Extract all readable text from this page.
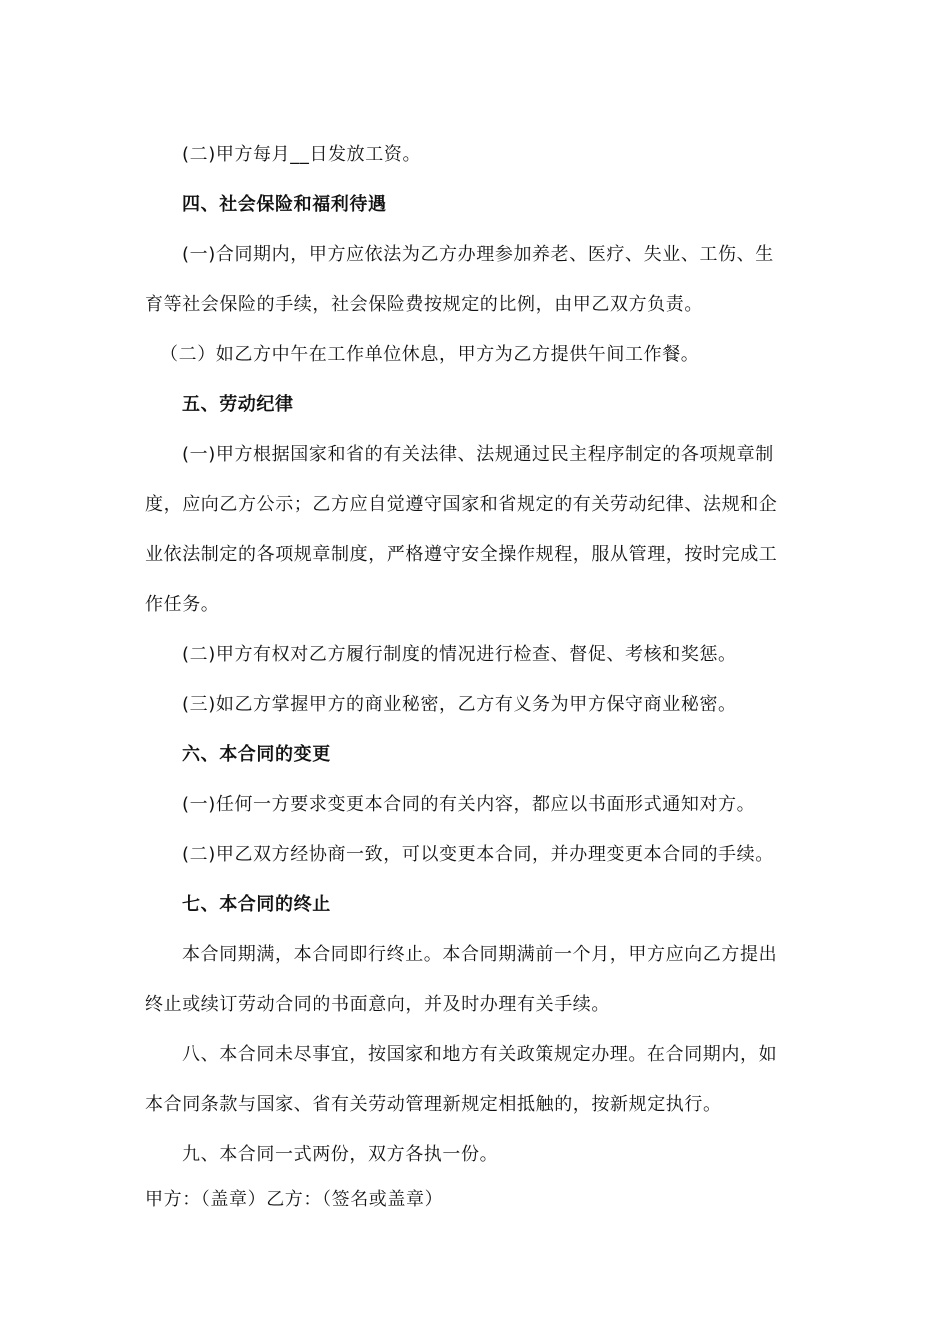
(二)甲方每月__日发放工资。
四、社会保险和福利待遇
(一)合同期内，甲方应依法为乙方办理参加养老、医疗、失业、工伤、生
育等社会保险的手续，社会保险费按规定的比例，由甲乙双方负责。
（二）如乙方中午在工作单位休息，甲方为乙方提供午间工作餐。
五、劳动纪律
(一)甲方根据国家和省的有关法律、法规通过民主程序制定的各项规章制
度，应向乙方公示；乙方应自觉遵守国家和省规定的有关劳动纪律、法规和企
业依法制定的各项规章制度，严格遵守安全操作规程，服从管理，按时完成工
作任务。
(二)甲方有权对乙方履行制度的情况进行检查、督促、考核和奖惩。
(三)如乙方掌握甲方的商业秘密，乙方有义务为甲方保守商业秘密。
六、本合同的变更
(一)任何一方要求变更本合同的有关内容，都应以书面形式通知对方。
(二)甲乙双方经协商一致，可以变更本合同，并办理变更本合同的手续。
七、本合同的终止
本合同期满，本合同即行终止。本合同期满前一个月，甲方应向乙方提出
终止或续订劳动合同的书面意向，并及时办理有关手续。
八、本合同未尽事宜，按国家和地方有关政策规定办理。在合同期内，如
本合同条款与国家、省有关劳动管理新规定相抵触的，按新规定执行。
九、本合同一式两份，双方各执一份。
甲方：（盖章）乙方：（签名或盖章）
